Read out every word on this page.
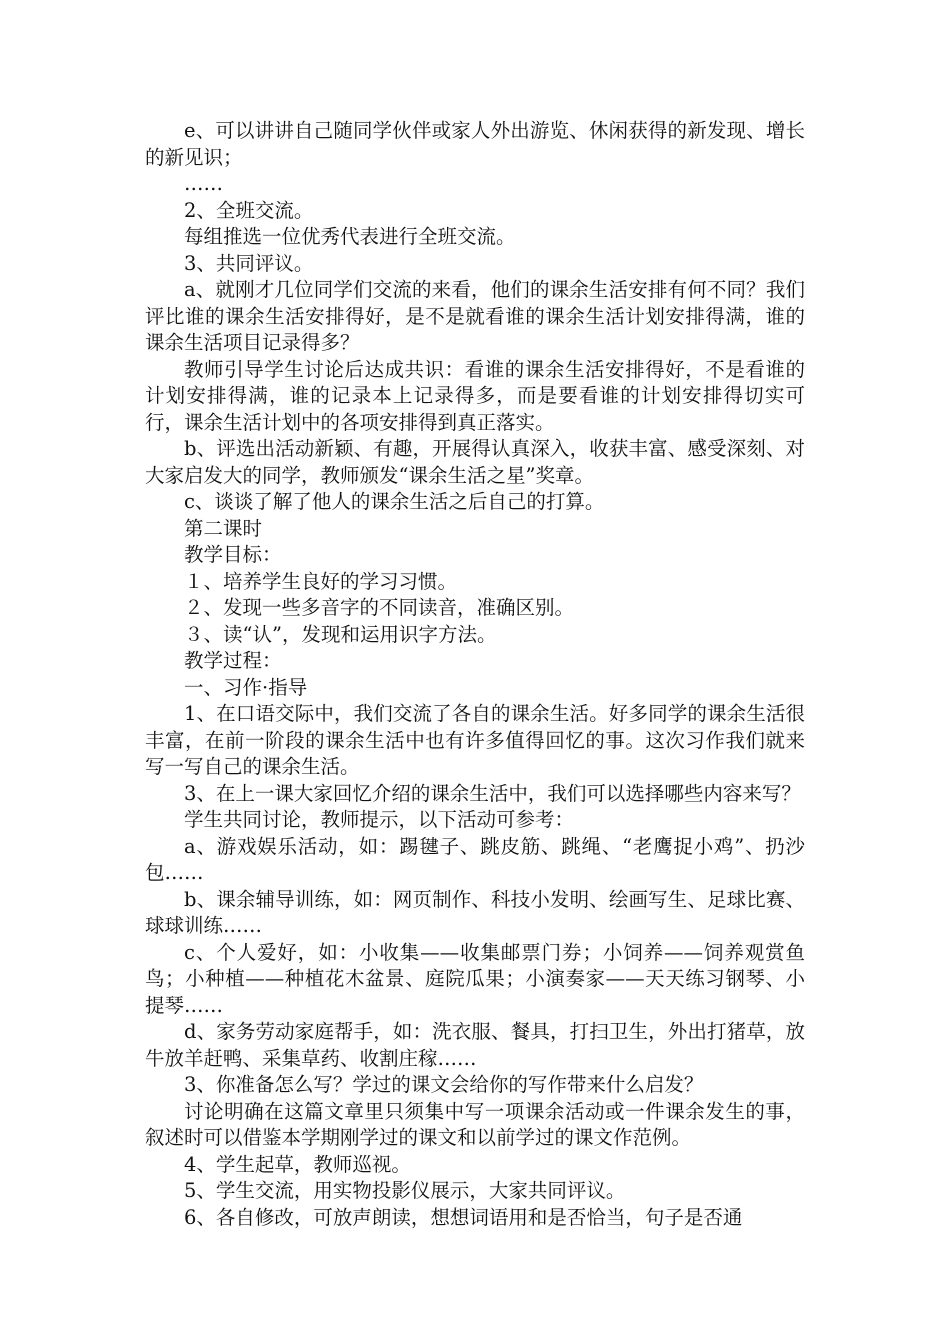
e、可以讲讲自己随同学伙伴或家人外出游览、休闲获得的新发现、增长的新见识；

……

2、全班交流。

每组推选一位优秀代表进行全班交流。

3、共同评议。

a、就刚才几位同学们交流的来看，他们的课余生活安排有何不同？我们评比谁的课余生活安排得好，是不是就看谁的课余生活计划安排得满，谁的课余生活项目记录得多？

教师引导学生讨论后达成共识：看谁的课余生活安排得好，不是看谁的计划安排得满，谁的记录本上记录得多，而是要看谁的计划安排得切实可行，课余生活计划中的各项安排得到真正落实。

b、评选出活动新颖、有趣，开展得认真深入，收获丰富、感受深刻、对大家启发大的同学，教师颁发“课余生活之星”奖章。

c、谈谈了解了他人的课余生活之后自己的打算。

第二课时

教学目标：

１、培养学生良好的学习习惯。

２、发现一些多音字的不同读音，准确区别。

３、读“认”，发现和运用识字方法。

教学过程：

一、习作·指导

1、在口语交际中，我们交流了各自的课余生活。好多同学的课余生活很丰富，在前一阶段的课余生活中也有许多值得回忆的事。这次习作我们就来写一写自己的课余生活。

3、在上一课大家回忆介绍的课余生活中，我们可以选择哪些内容来写？

学生共同讨论，教师提示，以下活动可参考：

a、游戏娱乐活动，如：踢毽子、跳皮筋、跳绳、“老鹰捉小鸡”、扔沙包……

b、课余辅导训练，如：网页制作、科技小发明、绘画写生、足球比赛、球球训练……

c、个人爱好，如：小收集——收集邮票门券；小饲养——饲养观赏鱼鸟；小种植——种植花木盆景、庭院瓜果；小演奏家——天天练习钢琴、小提琴……

d、家务劳动家庭帮手，如：洗衣服、餐具，打扫卫生，外出打猪草，放牛放羊赶鸭、采集草药、收割庄稼……

3、你准备怎么写？学过的课文会给你的写作带来什么启发？

讨论明确在这篇文章里只须集中写一项课余活动或一件课余发生的事，叙述时可以借鉴本学期刚学过的课文和以前学过的课文作范例。

4、学生起草，教师巡视。

5、学生交流，用实物投影仪展示，大家共同评议。

6、各自修改，可放声朗读，想想词语用和是否恰当，句子是否通
